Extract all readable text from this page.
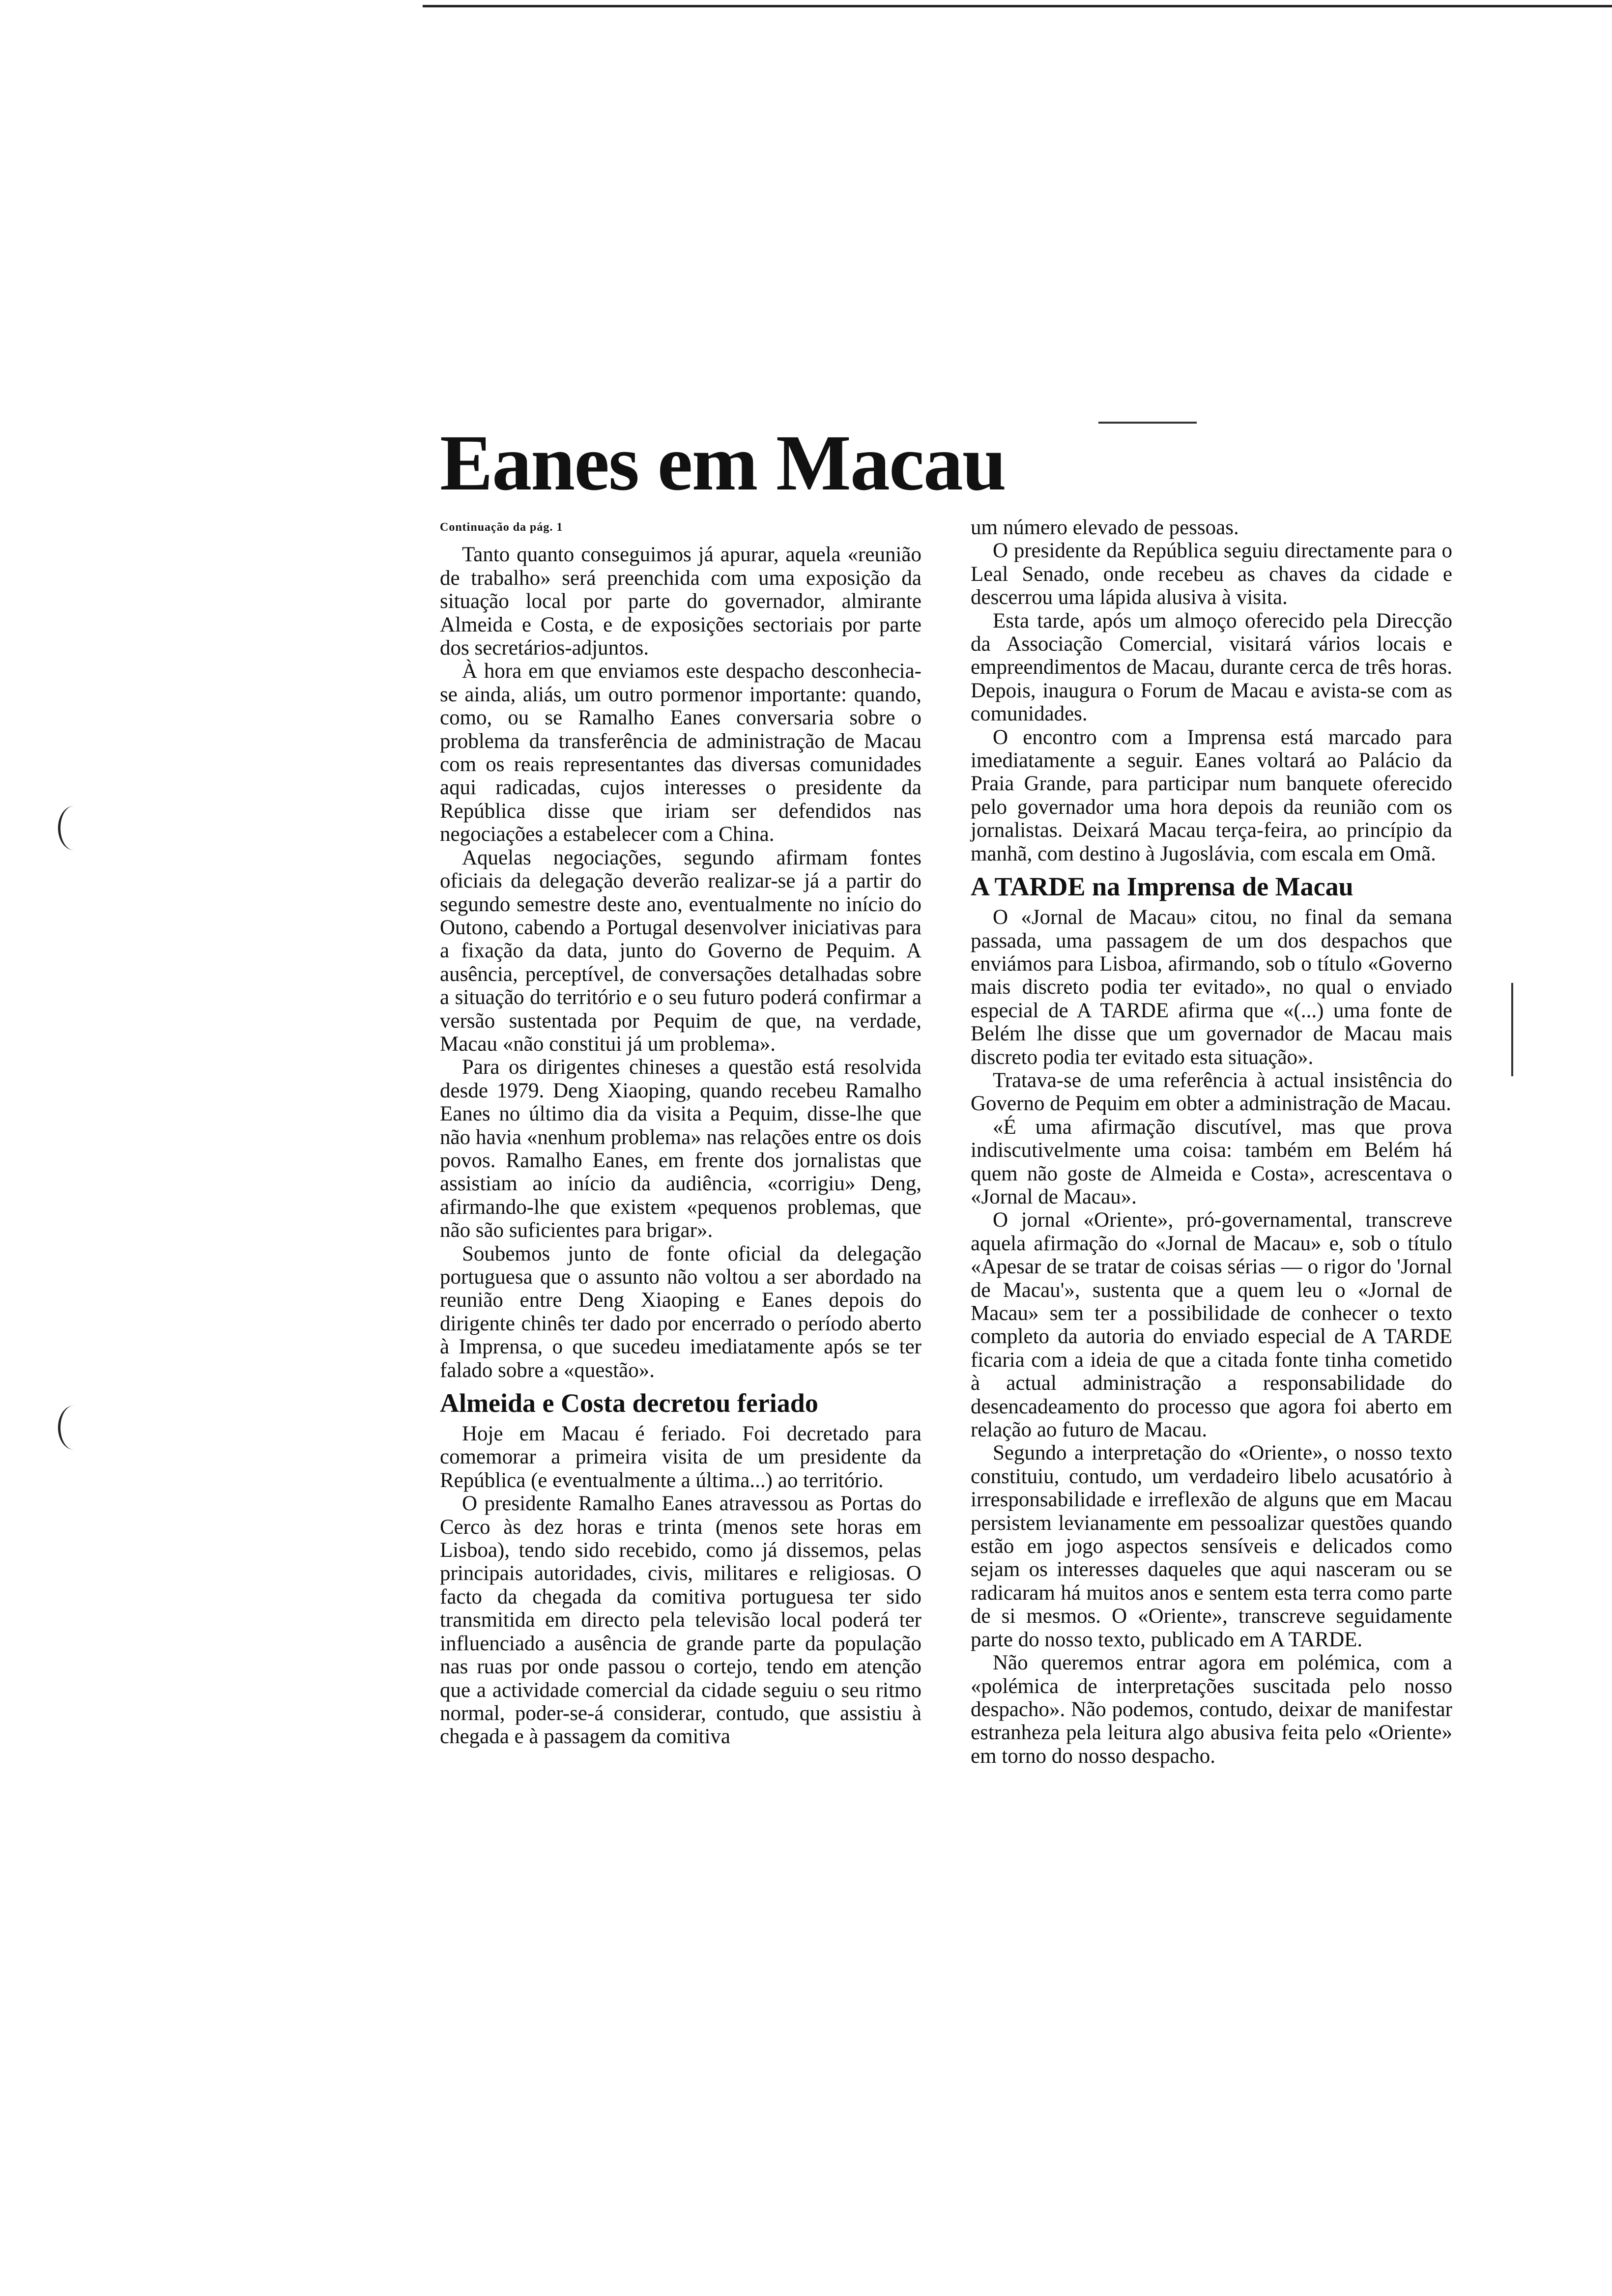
Eanes em Macau

Continuação da pág. 1

Tanto quanto conseguimos já apurar, aquela «reunião de trabalho» será preenchida com uma exposição da situação local por parte do governador, almirante Almeida e Costa, e de exposições sectoriais por parte dos secretários-adjuntos.

À hora em que enviamos este despacho desconhecia-se ainda, aliás, um outro pormenor importante: quando, como, ou se Ramalho Eanes conversaria sobre o problema da transferência de administração de Macau com os reais representantes das diversas comunidades aqui radicadas, cujos interesses o presidente da República disse que iriam ser defendidos nas negociações a estabelecer com a China.

Aquelas negociações, segundo afirmam fontes oficiais da delegação deverão realizar-se já a partir do segundo semestre deste ano, eventualmente no início do Outono, cabendo a Portugal desenvolver iniciativas para a fixação da data, junto do Governo de Pequim. A ausência, perceptível, de conversações detalhadas sobre a situação do território e o seu futuro poderá confirmar a versão sustentada por Pequim de que, na verdade, Macau «não constitui já um problema».

Para os dirigentes chineses a questão está resolvida desde 1979. Deng Xiaoping, quando recebeu Ramalho Eanes no último dia da visita a Pequim, disse-lhe que não havia «nenhum problema» nas relações entre os dois povos. Ramalho Eanes, em frente dos jornalistas que assistiam ao início da audiência, «corrigiu» Deng, afirmando-lhe que existem «pequenos problemas, que não são suficientes para brigar».

Soubemos junto de fonte oficial da delegação portuguesa que o assunto não voltou a ser abordado na reunião entre Deng Xiaoping e Eanes depois do dirigente chinês ter dado por encerrado o período aberto à Imprensa, o que sucedeu imediatamente após se ter falado sobre a «questão».

Almeida e Costa decretou feriado

Hoje em Macau é feriado. Foi decretado para comemorar a primeira visita de um presidente da República (e eventualmente a última...) ao território.

O presidente Ramalho Eanes atravessou as Portas do Cerco às dez horas e trinta (menos sete horas em Lisboa), tendo sido recebido, como já dissemos, pelas principais autoridades, civis, militares e religiosas. O facto da chegada da comitiva portuguesa ter sido transmitida em directo pela televisão local poderá ter influenciado a ausência de grande parte da população nas ruas por onde passou o cortejo, tendo em atenção que a actividade comercial da cidade seguiu o seu ritmo normal, poder-se-á considerar, contudo, que assistiu à chegada e à passagem da comitiva

um número elevado de pessoas.

O presidente da República seguiu directamente para o Leal Senado, onde recebeu as chaves da cidade e descerrou uma lápida alusiva à visita.

Esta tarde, após um almoço oferecido pela Direcção da Associação Comercial, visitará vários locais e empreendimentos de Macau, durante cerca de três horas. Depois, inaugura o Forum de Macau e avista-se com as comunidades.

O encontro com a Imprensa está marcado para imediatamente a seguir. Eanes voltará ao Palácio da Praia Grande, para participar num banquete oferecido pelo governador uma hora depois da reunião com os jornalistas. Deixará Macau terça-feira, ao princípio da manhã, com destino à Jugoslávia, com escala em Omã.

A TARDE na Imprensa de Macau

O «Jornal de Macau» citou, no final da semana passada, uma passagem de um dos despachos que enviámos para Lisboa, afirmando, sob o título «Governo mais discreto podia ter evitado», no qual o enviado especial de A TARDE afirma que «(...) uma fonte de Belém lhe disse que um governador de Macau mais discreto podia ter evitado esta situação».

Tratava-se de uma referência à actual insistência do Governo de Pequim em obter a administração de Macau.

«É uma afirmação discutível, mas que prova indiscutivelmente uma coisa: também em Belém há quem não goste de Almeida e Costa», acrescentava o «Jornal de Macau».

O jornal «Oriente», pró-governamental, transcreve aquela afirmação do «Jornal de Macau» e, sob o título «Apesar de se tratar de coisas sérias — o rigor do 'Jornal de Macau'», sustenta que a quem leu o «Jornal de Macau» sem ter a possibilidade de conhecer o texto completo da autoria do enviado especial de A TARDE ficaria com a ideia de que a citada fonte tinha cometido à actual administração a responsabilidade do desencadeamento do processo que agora foi aberto em relação ao futuro de Macau.

Segundo a interpretação do «Oriente», o nosso texto constituiu, contudo, um verdadeiro libelo acusatório à irresponsabilidade e irreflexão de alguns que em Macau persistem levianamente em pessoalizar questões quando estão em jogo aspectos sensíveis e delicados como sejam os interesses daqueles que aqui nasceram ou se radicaram há muitos anos e sentem esta terra como parte de si mesmos. O «Oriente», transcreve seguidamente parte do nosso texto, publicado em A TARDE.

Não queremos entrar agora em polémica, com a «polémica de interpretações suscitada pelo nosso despacho». Não podemos, contudo, deixar de manifestar estranheza pela leitura algo abusiva feita pelo «Oriente» em torno do nosso despacho.
